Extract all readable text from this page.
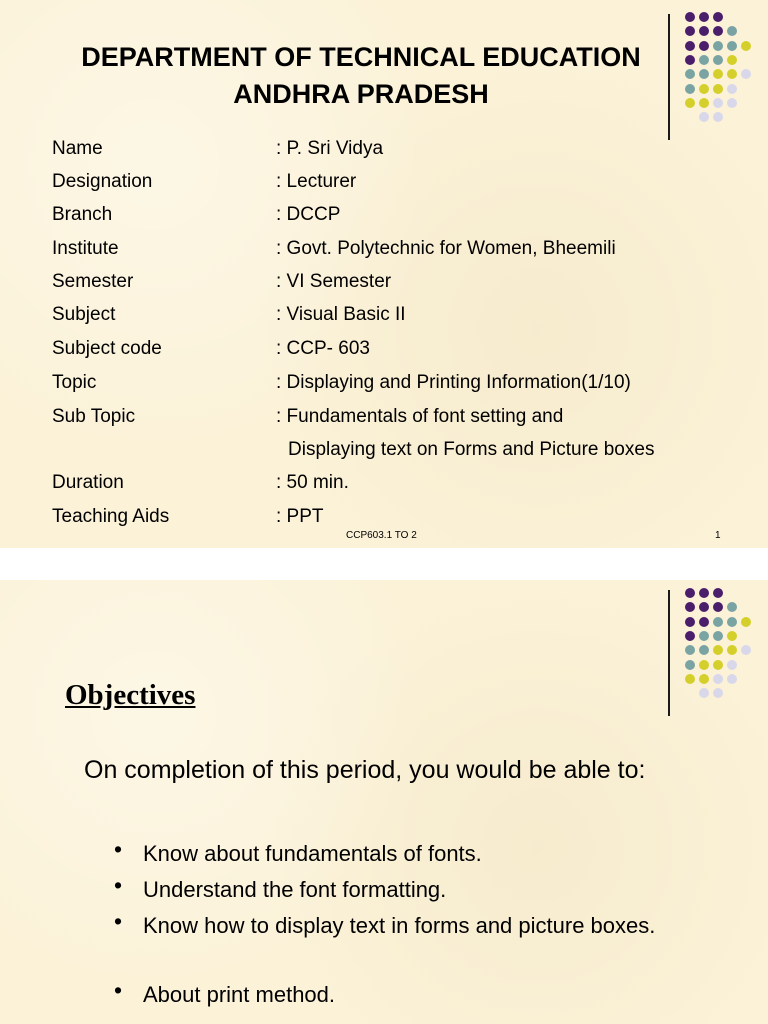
DEPARTMENT OF TECHNICAL EDUCATION
ANDHRA PRADESH
Name	: P. Sri Vidya
Designation	: Lecturer
Branch	: DCCP
Institute	: Govt. Polytechnic for Women, Bheemili
Semester	: VI Semester
Subject	: Visual Basic II
Subject code	: CCP- 603
Topic	: Displaying and Printing Information(1/10)
Sub Topic	: Fundamentals of font setting and
Displaying text on Forms and Picture boxes
Duration	: 50 min.
Teaching Aids	: PPT
CCP603.1 TO 2	1
Objectives
On completion of this period, you would be able to:
• Know about fundamentals of fonts.
• Understand the font formatting.
• Know how to display text in forms and picture boxes.
• About print method.
